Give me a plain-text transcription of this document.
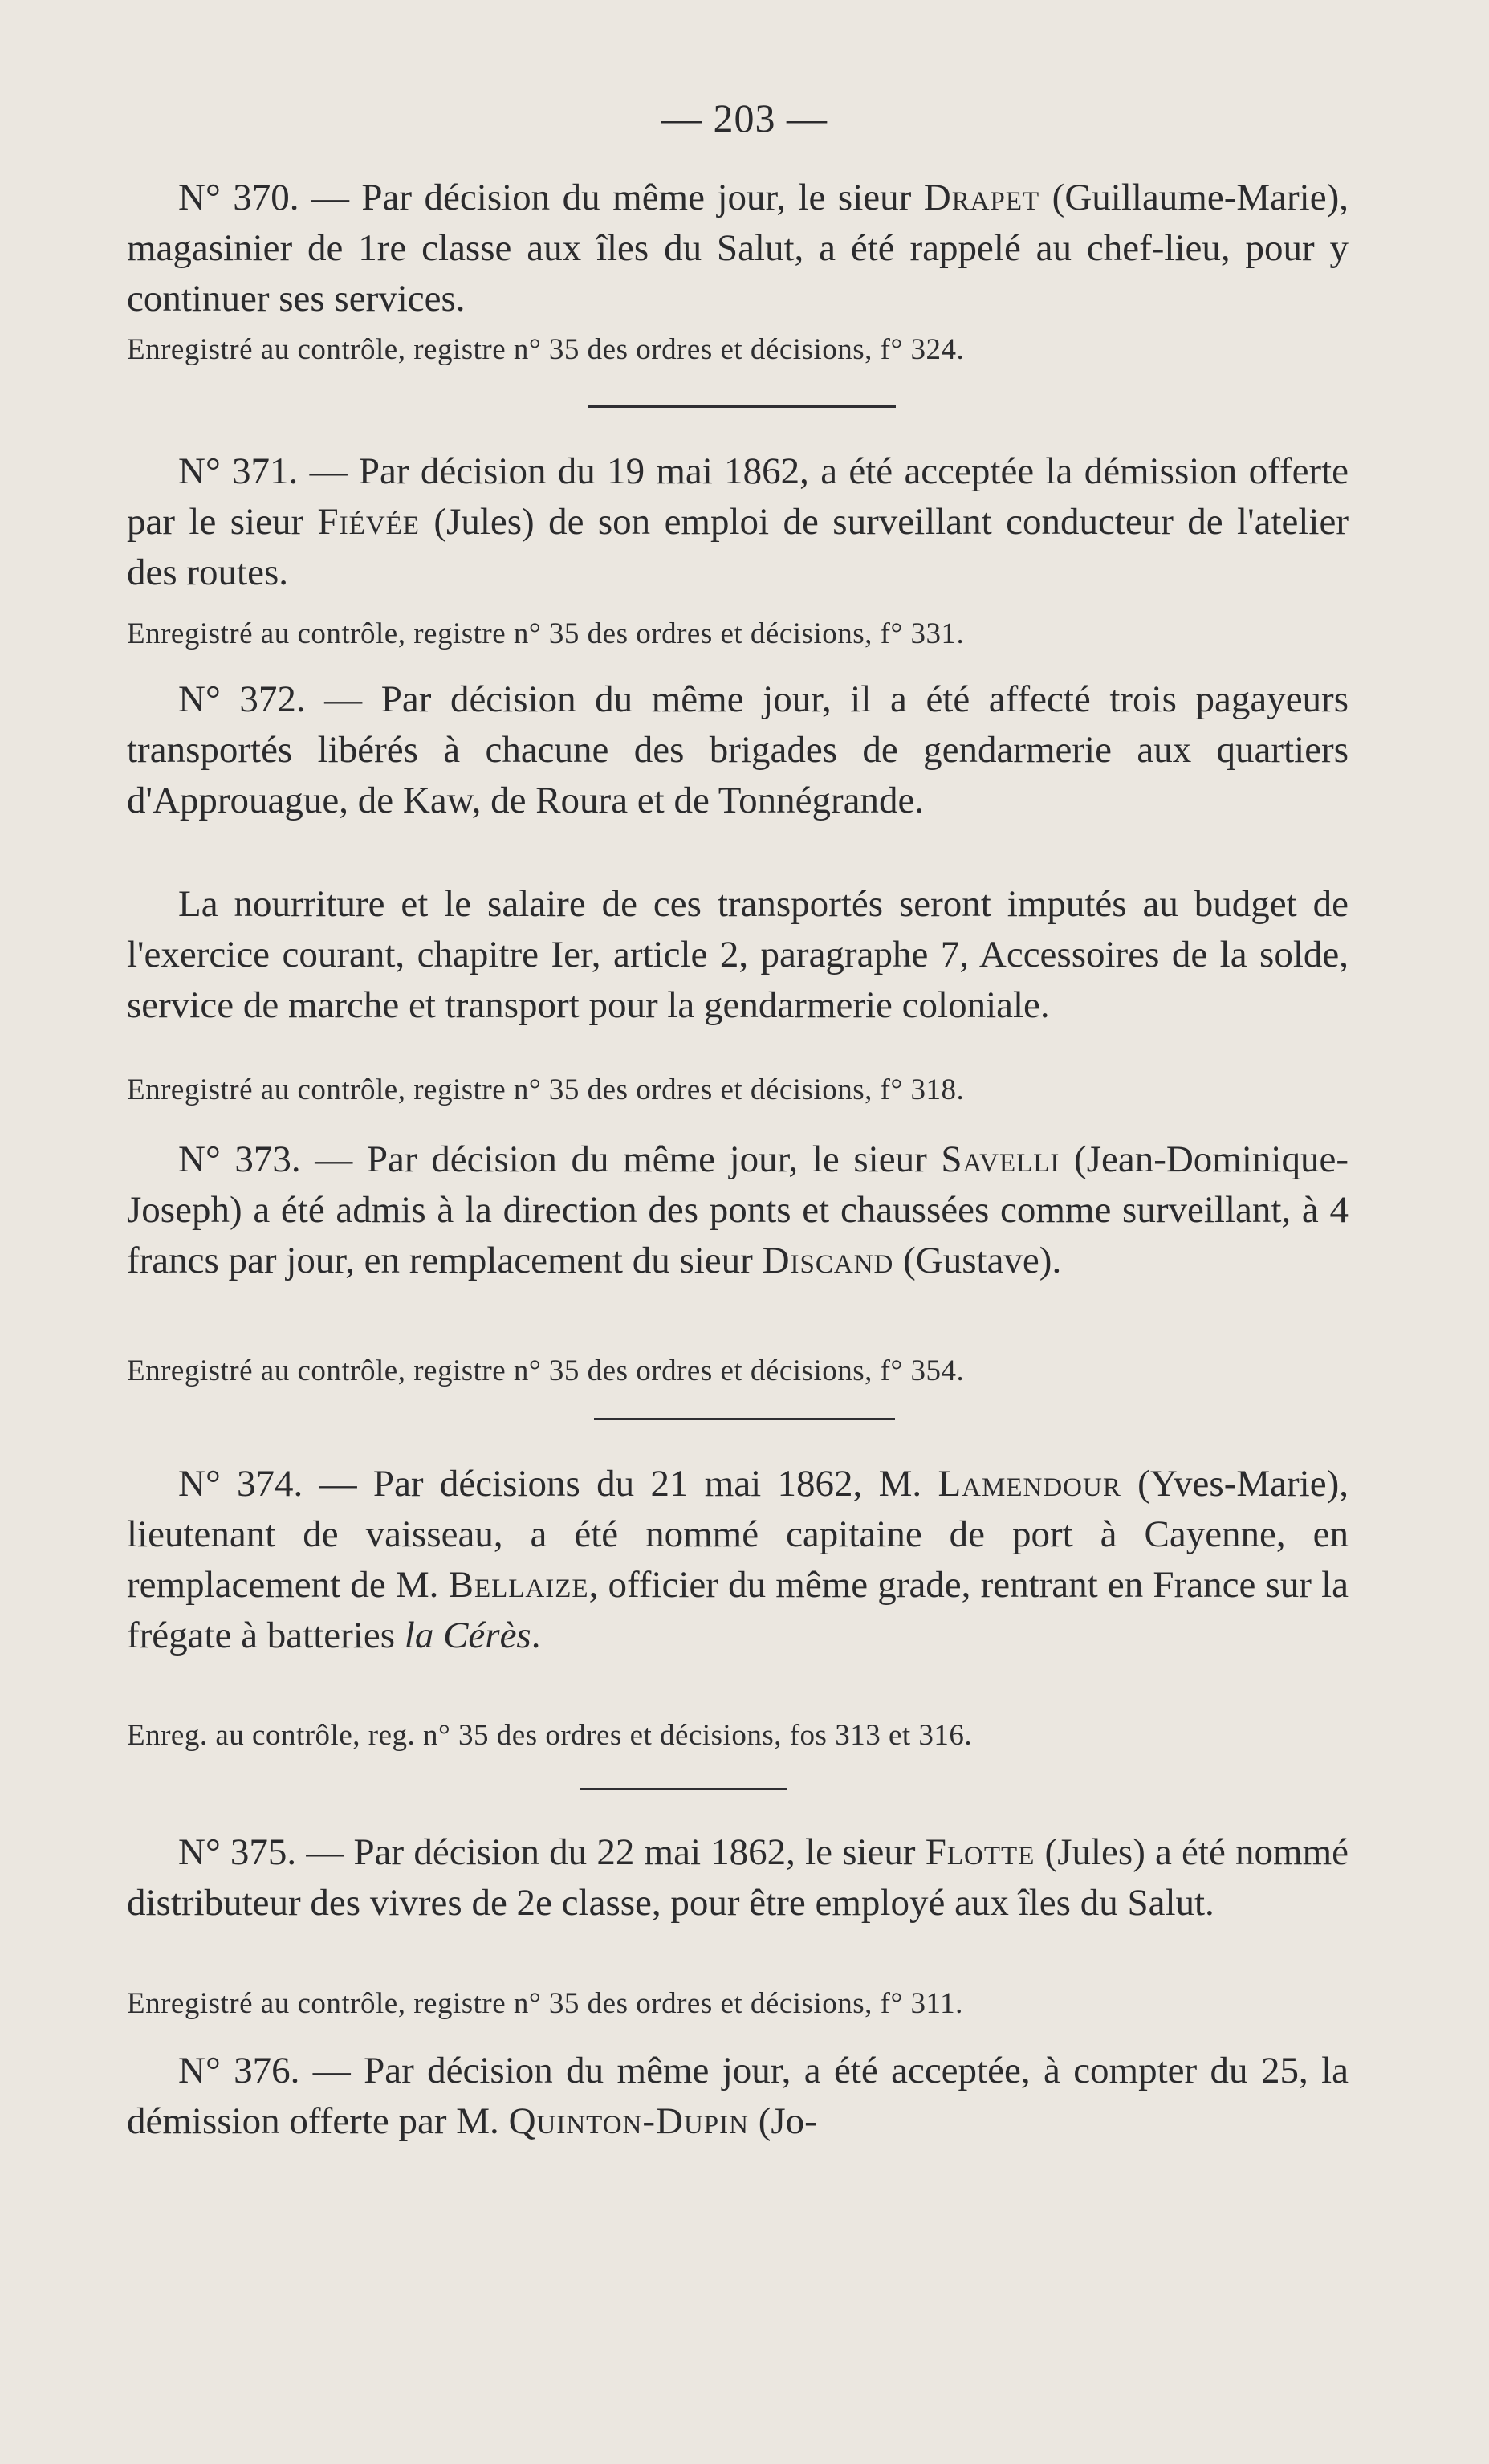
— 203 —
N° 370. — Par décision du même jour, le sieur Drapet (Guillaume-Marie), magasinier de 1re classe aux îles du Salut, a été rappelé au chef-lieu, pour y continuer ses services.
Enregistré au contrôle, registre n° 35 des ordres et décisions, f° 324.
N° 371. — Par décision du 19 mai 1862, a été acceptée la démission offerte par le sieur Fiévée (Jules) de son emploi de surveillant conducteur de l'atelier des routes.
Enregistré au contrôle, registre n° 35 des ordres et décisions, f° 331.
N° 372. — Par décision du même jour, il a été affecté trois pagayeurs transportés libérés à chacune des brigades de gendarmerie aux quartiers d'Approuague, de Kaw, de Roura et de Tonnégrande.
La nourriture et le salaire de ces transportés seront imputés au budget de l'exercice courant, chapitre Ier, article 2, paragraphe 7, Accessoires de la solde, service de marche et transport pour la gendarmerie coloniale.
Enregistré au contrôle, registre n° 35 des ordres et décisions, f° 318.
N° 373. — Par décision du même jour, le sieur Savelli (Jean-Dominique-Joseph) a été admis à la direction des ponts et chaussées comme surveillant, à 4 francs par jour, en remplacement du sieur Discand (Gustave).
Enregistré au contrôle, registre n° 35 des ordres et décisions, f° 354.
N° 374. — Par décisions du 21 mai 1862, M. Lamendour (Yves-Marie), lieutenant de vaisseau, a été nommé capitaine de port à Cayenne, en remplacement de M. Bellaize, officier du même grade, rentrant en France sur la frégate à batteries la Cérès.
Enreg. au contrôle, reg. n° 35 des ordres et décisions, fos 313 et 316.
N° 375. — Par décision du 22 mai 1862, le sieur Flotte (Jules) a été nommé distributeur des vivres de 2e classe, pour être employé aux îles du Salut.
Enregistré au contrôle, registre n° 35 des ordres et décisions, f° 311.
N° 376. — Par décision du même jour, a été acceptée, à compter du 25, la démission offerte par M. Quinton-Dupin (Jo-
